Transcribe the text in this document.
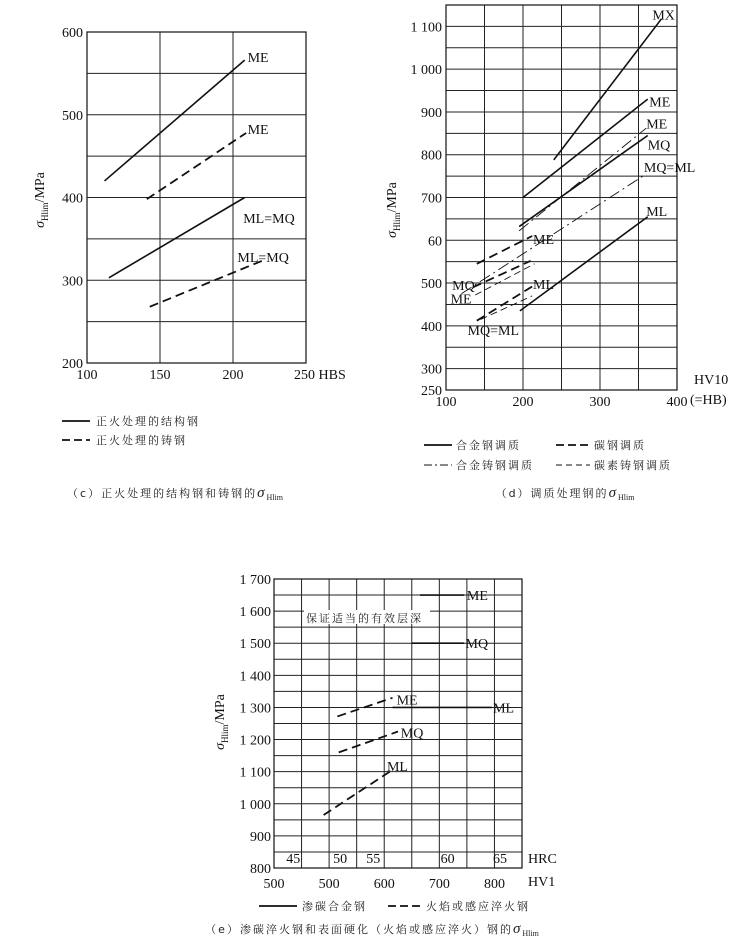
200
300
400
500
600
100	150	200	250 HBS
$\sigma_{Hlim}$/MPa
ME
ME
ML=MQ
ML=MQ
正火处理的结构钢
正火处理的铸钢
（c）正火处理的结构钢和铸钢的$\sigma_{Hlim}$
250
300
400
500
60
700
800
900
1 000
1 100
100	200	300	400
HV10
(=HB)
$\sigma_{Hlim}$/MPa
MX
ME
ME
MQ
MQ=ML
ML
ME
MQ
ME
ML
MQ=ML
合金钢调质	碳钢调质
合金铸钢调质	碳素铸钢调质
（d）调质处理钢的$\sigma_{Hlim}$
保证适当的有效层深
800
900
1 000
1 100
1 200
1 300
1 400
1 500
1 600
1 700
45 50 55	60	65 HRC
500 500 600 700 800 HV1
$\sigma_{Hlim}$/MPa
ME
MQ
ML
ME
MQ
ML
渗碳合金钢	火焰或感应淬火钢
（e）渗碳淬火钢和表面硬化（火焰或感应淬火）钢的$\sigma_{Hlim}$
